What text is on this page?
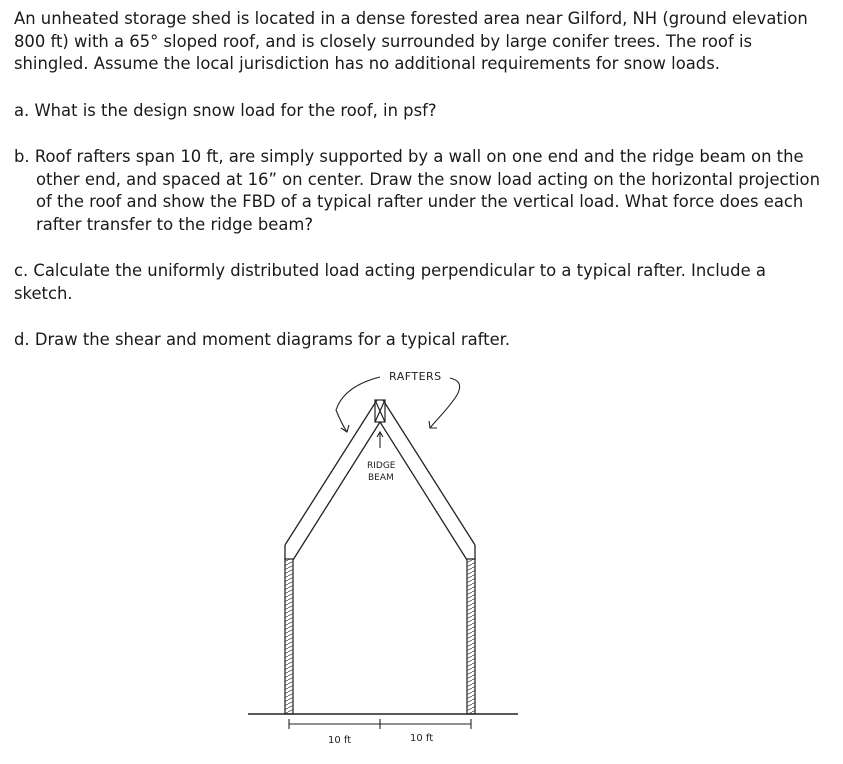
An unheated storage shed is located in a dense forested area near Gilford, NH (ground elevation 800 ft) with a 65° sloped roof, and is closely surrounded by large conifer trees. The roof is shingled. Assume the local jurisdiction has no additional requirements for snow loads.

a. What is the design snow load for the roof, in psf?

b. Roof rafters span 10 ft, are simply supported by a wall on one end and the ridge beam on the other end, and spaced at 16” on center. Draw the snow load acting on the horizontal projection of the roof and show the FBD of a typical rafter under the vertical load. What force does each rafter transfer to the ridge beam?

c. Calculate the uniformly distributed load acting perpendicular to a typical rafter. Include a sketch.

d. Draw the shear and moment diagrams for a typical rafter.

RAFTERS
RIDGE
BEAM
10 ft	10 ft
